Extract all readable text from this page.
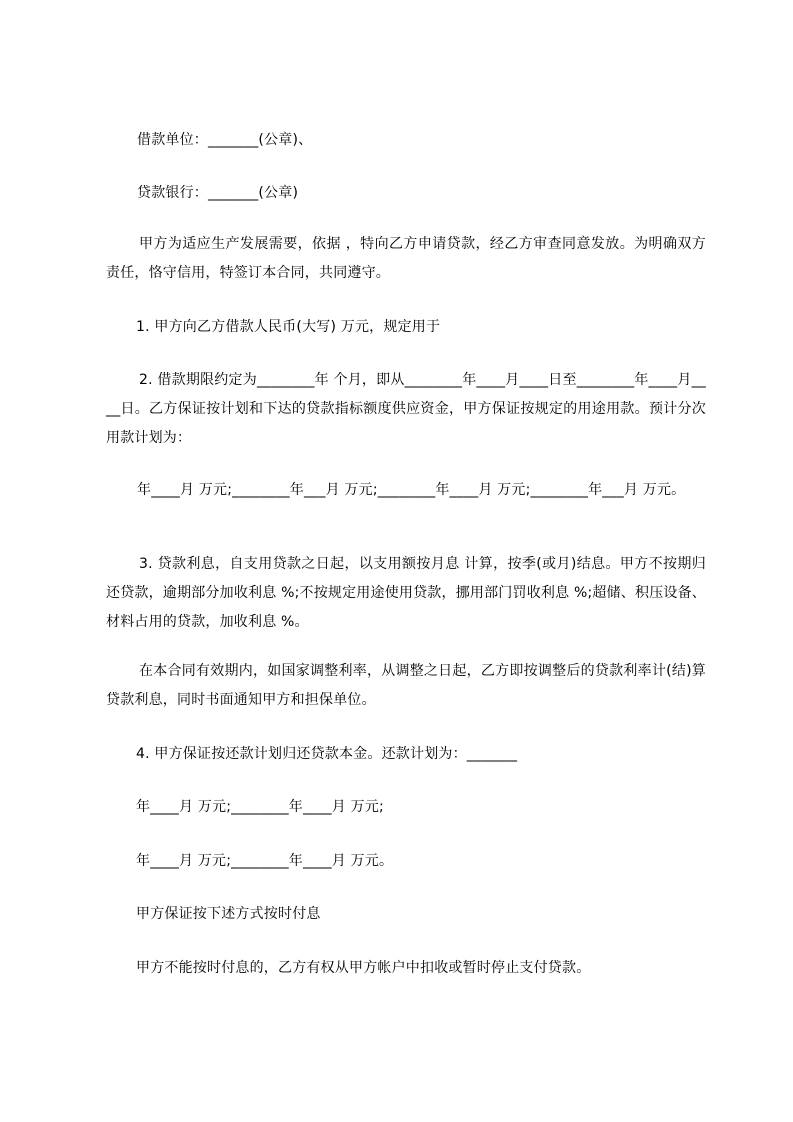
借款单位：_______(公章)、
贷款银行：_______(公章)
甲方为适应生产发展需要，依据 ，特向乙方申请贷款，经乙方审查同意发放。为明确双方责任，恪守信用，特签订本合同，共同遵守。
1. 甲方向乙方借款人民币(大写) 万元，规定用于
2. 借款期限约定为________年 个月，即从________年____月____日至________年____月____日。乙方保证按计划和下达的贷款指标额度供应资金，甲方保证按规定的用途用款。预计分次用款计划为：
年____月 万元;________年___月 万元;________年____月 万元;________年___月 万元。
3. 贷款利息，自支用贷款之日起，以支用额按月息 计算，按季(或月)结息。甲方不按期归还贷款，逾期部分加收利息 %;不按规定用途使用贷款，挪用部门罚收利息 %;超储、积压设备、材料占用的贷款，加收利息 %。
在本合同有效期内，如国家调整利率，从调整之日起，乙方即按调整后的贷款利率计(结)算贷款利息，同时书面通知甲方和担保单位。
4. 甲方保证按还款计划归还贷款本金。还款计划为：_______
年____月 万元;________年____月 万元;
年____月 万元;________年____月 万元。
甲方保证按下述方式按时付息
甲方不能按时付息的，乙方有权从甲方帐户中扣收或暂时停止支付贷款。
